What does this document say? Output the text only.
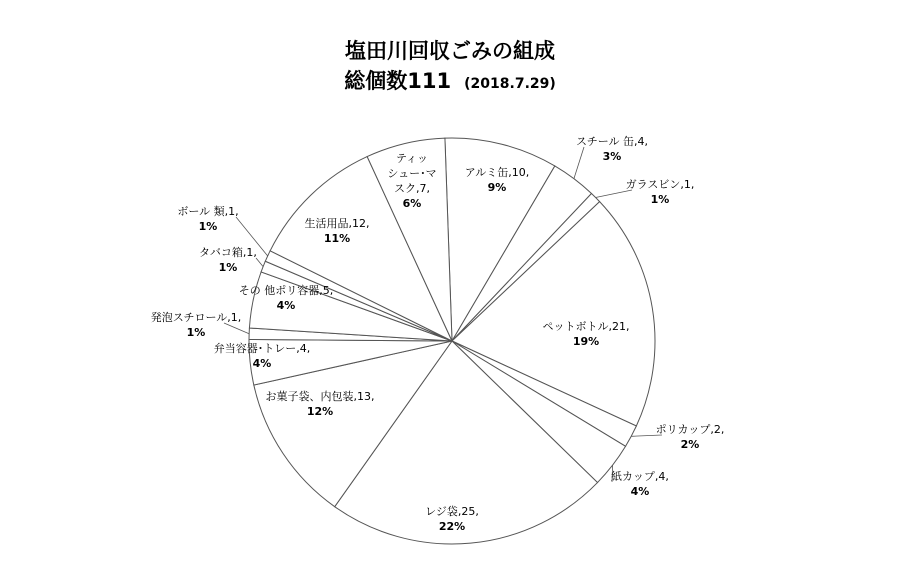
塩田川回収ごみの組成
総個数111 (2018.7.29)
アルミ缶,10, 9%
スチール 缶,4, 3%
ガラスビン,1, 1%
ペットボトル,21, 19%
ポリカップ,2, 2%
紙カップ,4, 4%
レジ袋,25, 22%
お菓子袋、内包装,13, 12%
弁当容器･トレー,4, 4%
発泡スチロール,1, 1%
その 他ポリ容器,5, 4%
タバコ箱,1, 1%
ボール 類,1, 1%	生活用品,12, 11%
ティッシュー･マスク,7, 6%
